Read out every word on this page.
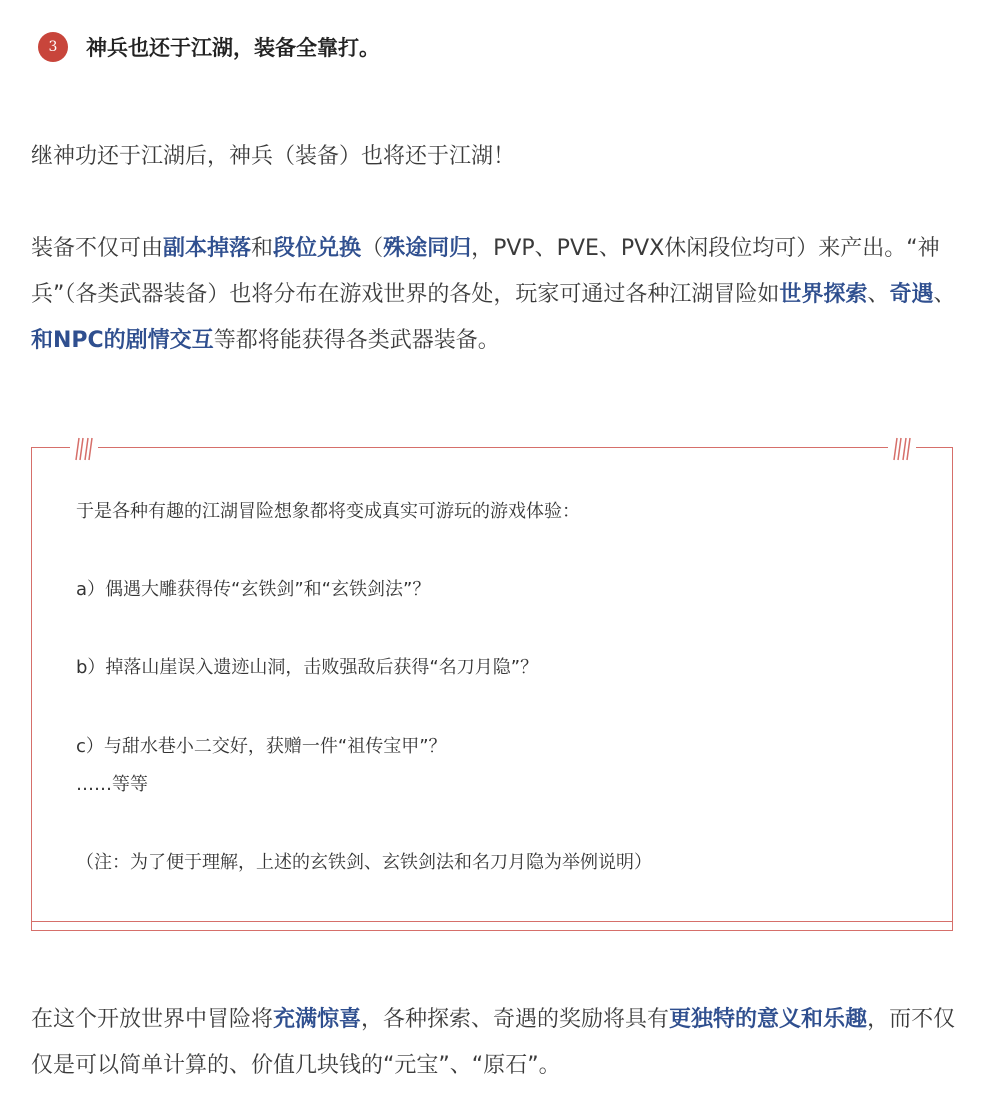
3	神兵也还于江湖，装备全靠打。
继神功还于江湖后，神兵（装备）也将还于江湖！
装备不仅可由副本掉落和段位兑换（殊途同归，PVP、PVE、PVX休闲段位均可）来产出。“神兵”（各类武器装备）也将分布在游戏世界的各处，玩家可通过各种江湖冒险如世界探索、奇遇、和NPC的剧情交互等都将能获得各类武器装备。
于是各种有趣的江湖冒险想象都将变成真实可游玩的游戏体验：
a）偶遇大雕获得传“玄铁剑”和“玄铁剑法”？
b）掉落山崖误入遗迹山洞，击败强敌后获得“名刀月隐”？
c）与甜水巷小二交好，获赠一件“祖传宝甲”？
……等等
（注：为了便于理解，上述的玄铁剑、玄铁剑法和名刀月隐为举例说明）
在这个开放世界中冒险将充满惊喜，各种探索、奇遇的奖励将具有更独特的意义和乐趣，而不仅仅是可以简单计算的、价值几块钱的“元宝”、“原石”。
